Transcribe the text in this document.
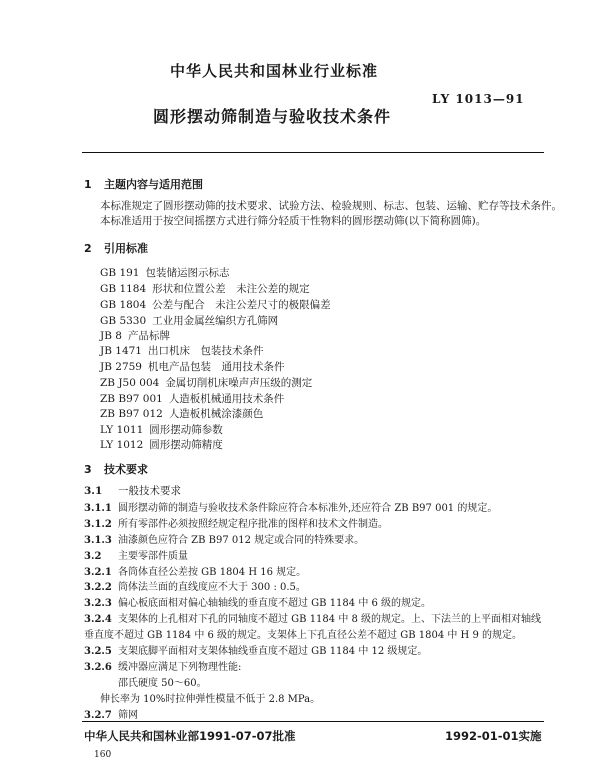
中华人民共和国林业行业标准
LY 1013—91
圆形摆动筛制造与验收技术条件
1 主题内容与适用范围
本标准规定了圆形摆动筛的技术要求、试验方法、检验规则、标志、包装、运输、贮存等技术条件。
本标准适用于按空间摇摆方式进行筛分轻质干性物料的圆形摆动筛(以下简称圆筛)。
2 引用标准
GB 191 包装储运图示标志
GB 1184 形状和位置公差　未注公差的规定
GB 1804 公差与配合　未注公差尺寸的极限偏差
GB 5330 工业用金属丝编织方孔筛网
JB 8 产品标牌
JB 1471 出口机床　包装技术条件
JB 2759 机电产品包装　通用技术条件
ZB J50 004 金属切削机床噪声声压级的测定
ZB B97 001 人造板机械通用技术条件
ZB B97 012 人造板机械涂漆颜色
LY 1011 圆形摆动筛参数
LY 1012 圆形摆动筛精度
3 技术要求
3.1 一般技术要求
3.1.1 圆形摆动筛的制造与验收技术条件除应符合本标准外,还应符合 ZB B97 001 的规定。
3.1.2 所有零部件必须按照经规定程序批准的图样和技术文件制造。
3.1.3 油漆颜色应符合 ZB B97 012 规定或合同的特殊要求。
3.2 主要零部件质量
3.2.1 各筒体直径公差按 GB 1804 H 16 规定。
3.2.2 筒体法兰面的直线度应不大于 300 : 0.5。
3.2.3 偏心板底面相对偏心轴轴线的垂直度不超过 GB 1184 中 6 级的规定。
3.2.4 支架体的上孔相对下孔的同轴度不超过 GB 1184 中 8 级的规定。上、下法兰的上平面相对轴线
垂直度不超过 GB 1184 中 6 级的规定。支架体上下孔直径公差不超过 GB 1804 中 H 9 的规定。
3.2.5 支架底脚平面相对支架体轴线垂直度不超过 GB 1184 中 12 级规定。
3.2.6 缓冲器应满足下列物理性能:
邵氏硬度 50～60。
伸长率为 10%时拉伸弹性模量不低于 2.8 MPa。
3.2.7 筛网
中华人民共和国林业部1991-07-07批准	1992-01-01实施
160
